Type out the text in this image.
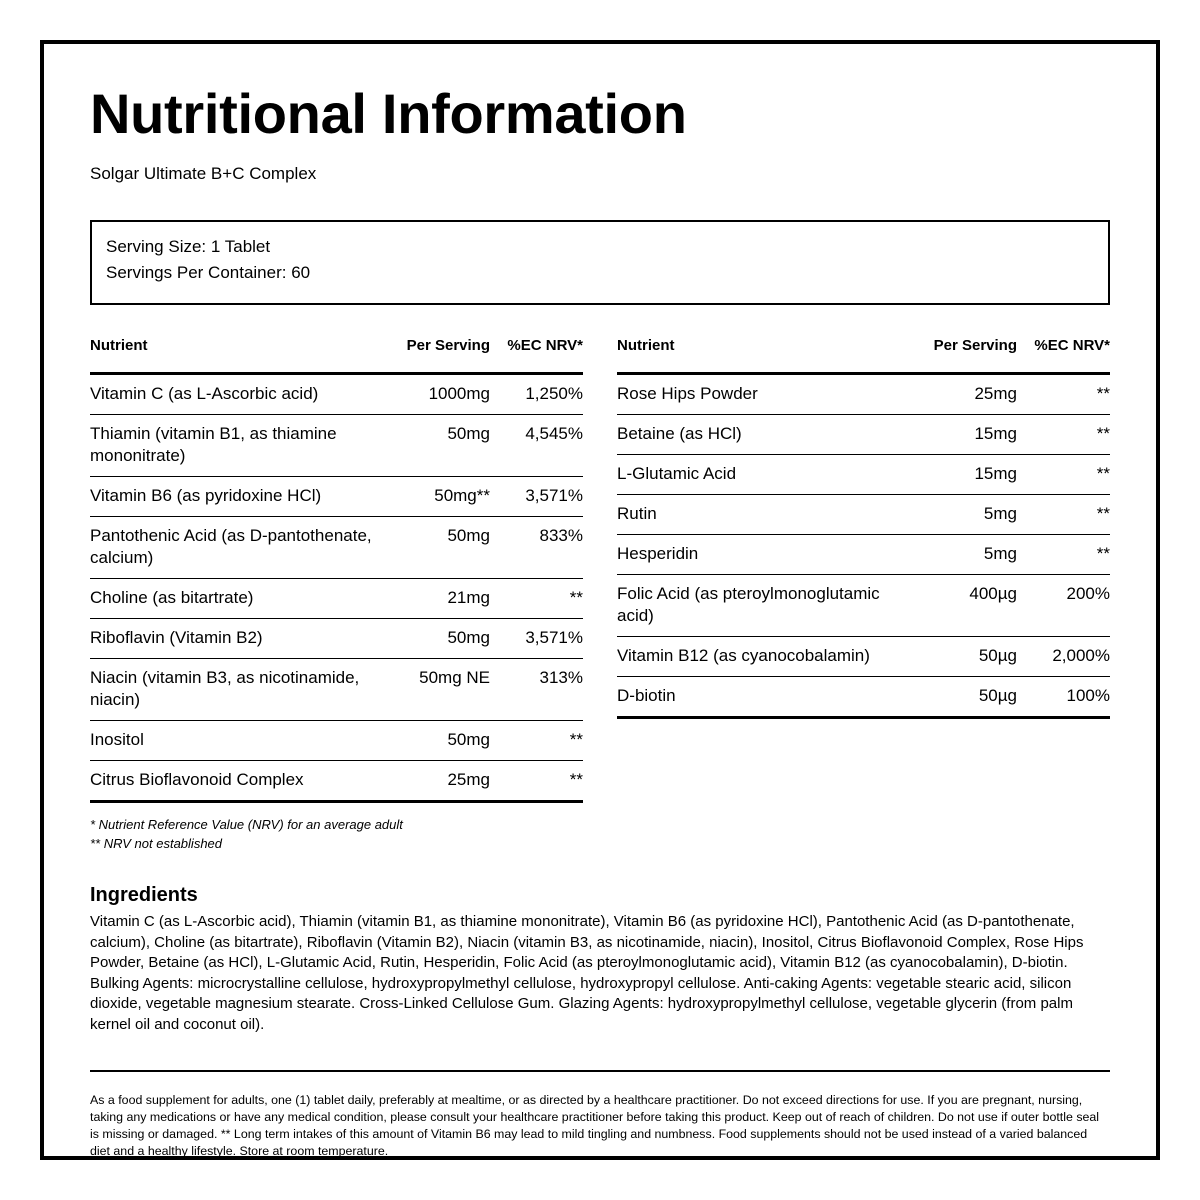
Nutritional Information
Solgar Ultimate B+C Complex
Serving Size: 1 Tablet
Servings Per Container: 60
Nutrient	Per Serving	%EC NRV*
Vitamin C (as L-Ascorbic acid)	1000mg	1,250%
Thiamin (vitamin B1, as thiamine mononitrate)	50mg	4,545%
Vitamin B6 (as pyridoxine HCl)	50mg**	3,571%
Pantothenic Acid (as D-pantothenate, calcium)	50mg	833%
Choline (as bitartrate)	21mg	**
Riboflavin (Vitamin B2)	50mg	3,571%
Niacin (vitamin B3, as nicotinamide, niacin)	50mg NE	313%
Inositol	50mg	**
Citrus Bioflavonoid Complex	25mg	**
* Nutrient Reference Value (NRV) for an average adult
** NRV not established
Nutrient	Per Serving	%EC NRV*
Rose Hips Powder	25mg	**
Betaine (as HCl)	15mg	**
L-Glutamic Acid	15mg	**
Rutin	5mg	**
Hesperidin	5mg	**
Folic Acid (as pteroylmonoglutamic acid)	400µg	200%
Vitamin B12 (as cyanocobalamin)	50µg	2,000%
D-biotin	50µg	100%
Ingredients

Vitamin C (as L-Ascorbic acid), Thiamin (vitamin B1, as thiamine mononitrate), Vitamin B6 (as pyridoxine HCl), Pantothenic Acid (as D-pantothenate, calcium), Choline (as bitartrate), Riboflavin (Vitamin B2), Niacin (vitamin B3, as nicotinamide, niacin), Inositol, Citrus Bioflavonoid Complex, Rose Hips Powder, Betaine (as HCl), L-Glutamic Acid, Rutin, Hesperidin, Folic Acid (as pteroylmonoglutamic acid), Vitamin B12 (as cyanocobalamin), D-biotin. Bulking Agents: microcrystalline cellulose, hydroxypropylmethyl cellulose, hydroxypropyl cellulose. Anti-caking Agents: vegetable stearic acid, silicon dioxide, vegetable magnesium stearate. Cross-Linked Cellulose Gum. Glazing Agents: hydroxypropylmethyl cellulose, vegetable glycerin (from palm kernel oil and coconut oil).

As a food supplement for adults, one (1) tablet daily, preferably at mealtime, or as directed by a healthcare practitioner. Do not exceed directions for use. If you are pregnant, nursing, taking any medications or have any medical condition, please consult your healthcare practitioner before taking this product. Keep out of reach of children. Do not use if outer bottle seal is missing or damaged. ** Long term intakes of this amount of Vitamin B6 may lead to mild tingling and numbness. Food supplements should not be used instead of a varied balanced diet and a healthy lifestyle. Store at room temperature.
